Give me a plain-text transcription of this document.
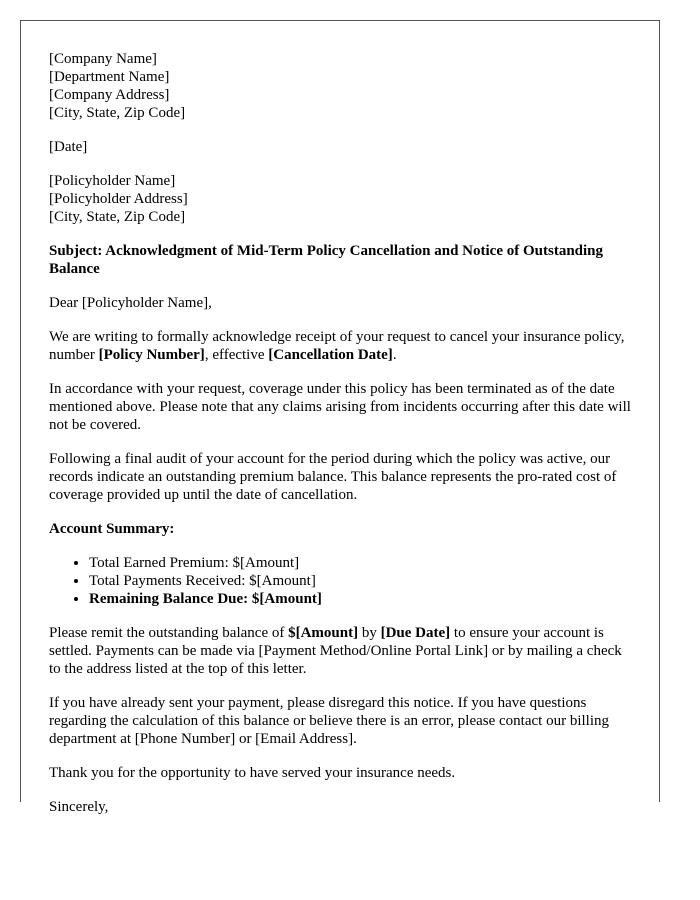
[Company Name]
[Department Name]
[Company Address]
[City, State, Zip Code]
[Date]
[Policyholder Name]
[Policyholder Address]
[City, State, Zip Code]
Subject: Acknowledgment of Mid-Term Policy Cancellation and Notice of Outstanding Balance

Dear [Policyholder Name],

We are writing to formally acknowledge receipt of your request to cancel your insurance policy, number [Policy Number], effective [Cancellation Date].

In accordance with your request, coverage under this policy has been terminated as of the date mentioned above. Please note that any claims arising from incidents occurring after this date will not be covered.

Following a final audit of your account for the period during which the policy was active, our records indicate an outstanding premium balance. This balance represents the pro-rated cost of coverage provided up until the date of cancellation.

Account Summary:
• Total Earned Premium: $[Amount]
• Total Payments Received: $[Amount]
• Remaining Balance Due: $[Amount]

Please remit the outstanding balance of $[Amount] by [Due Date] to ensure your account is settled. Payments can be made via [Payment Method/Online Portal Link] or by mailing a check to the address listed at the top of this letter.

If you have already sent your payment, please disregard this notice. If you have questions regarding the calculation of this balance or believe there is an error, please contact our billing department at [Phone Number] or [Email Address].

Thank you for the opportunity to have served your insurance needs.

Sincerely,
